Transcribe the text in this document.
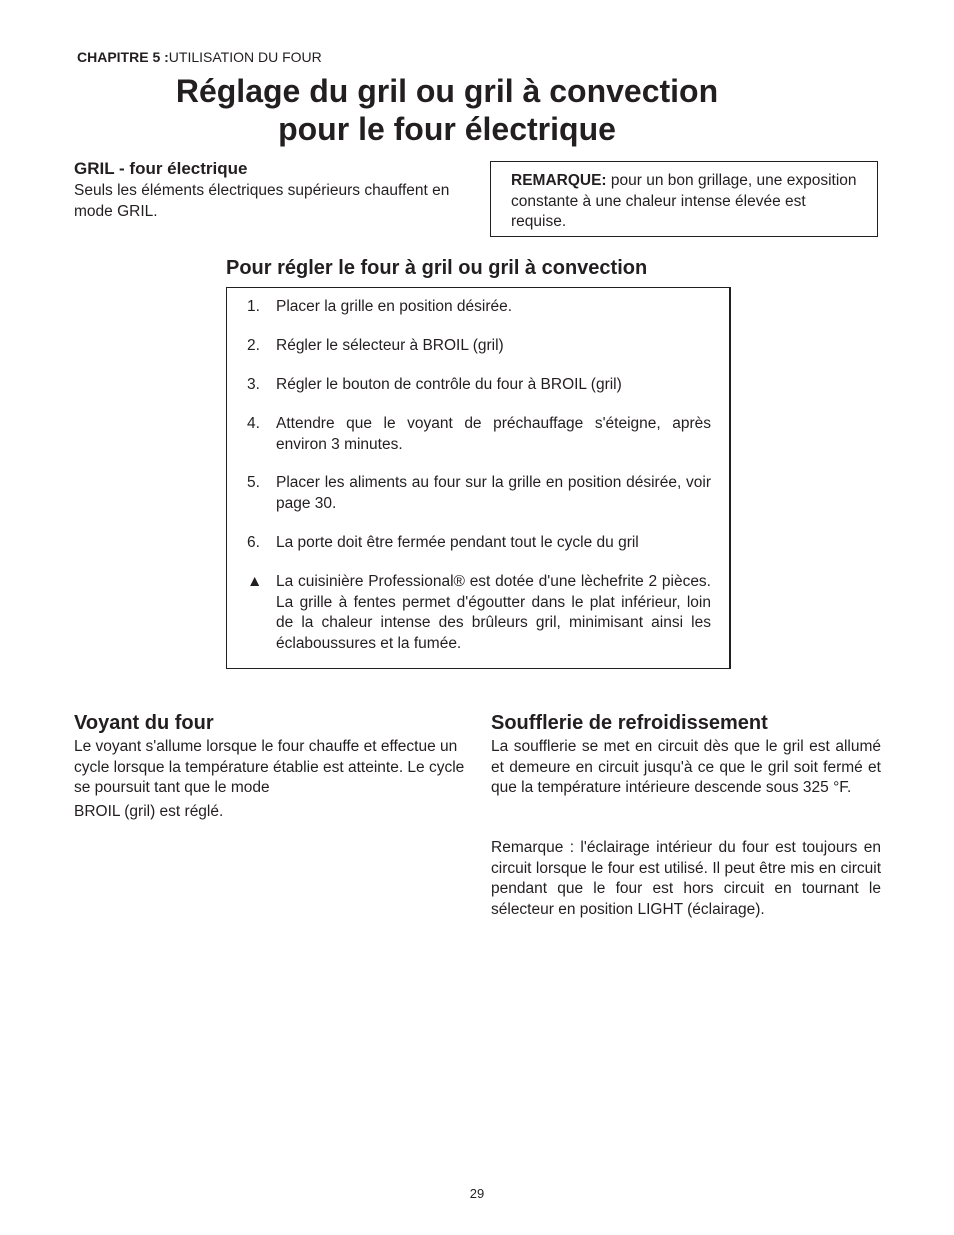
CHAPITRE 5 :UTILISATION DU FOUR
Réglage du gril ou gril à convection
pour le four électrique
GRIL - four électrique
Seuls les éléments électriques supérieurs chauffent en mode GRIL.
REMARQUE: pour un bon grillage, une exposition constante à une chaleur intense élevée est requise.
Pour régler le four à gril ou gril à convection
1.	Placer la grille en position désirée.
2.	Régler le sélecteur à BROIL (gril)
3.	Régler le bouton de contrôle du four à BROIL (gril)
4.	Attendre que le voyant de préchauffage s'éteigne, après environ 3 minutes.
5.	Placer les aliments au four sur la grille en position désirée, voir page 30.
6.	La porte doit être fermée pendant tout le cycle du gril
▲ La cuisinière Professional® est dotée d'une lèchefrite 2 pièces. La grille à fentes permet d'égoutter dans le plat inférieur, loin de la chaleur intense des brûleurs gril, minimisant ainsi les éclaboussures et la fumée.
Voyant du four
Le voyant s'allume lorsque le four chauffe et effectue un cycle lorsque la température établie est atteinte. Le cycle se poursuit tant que le mode
BROIL (gril) est réglé.
Soufflerie de refroidissement
La soufflerie se met en circuit dès que le gril est allumé et demeure en circuit jusqu'à ce que le gril soit fermé et que la température intérieure descende sous 325 °F.
Remarque : l'éclairage intérieur du four est toujours en circuit lorsque le four est utilisé. Il peut être mis en circuit pendant que le four est hors circuit en tournant le sélecteur en position LIGHT (éclairage).
29
